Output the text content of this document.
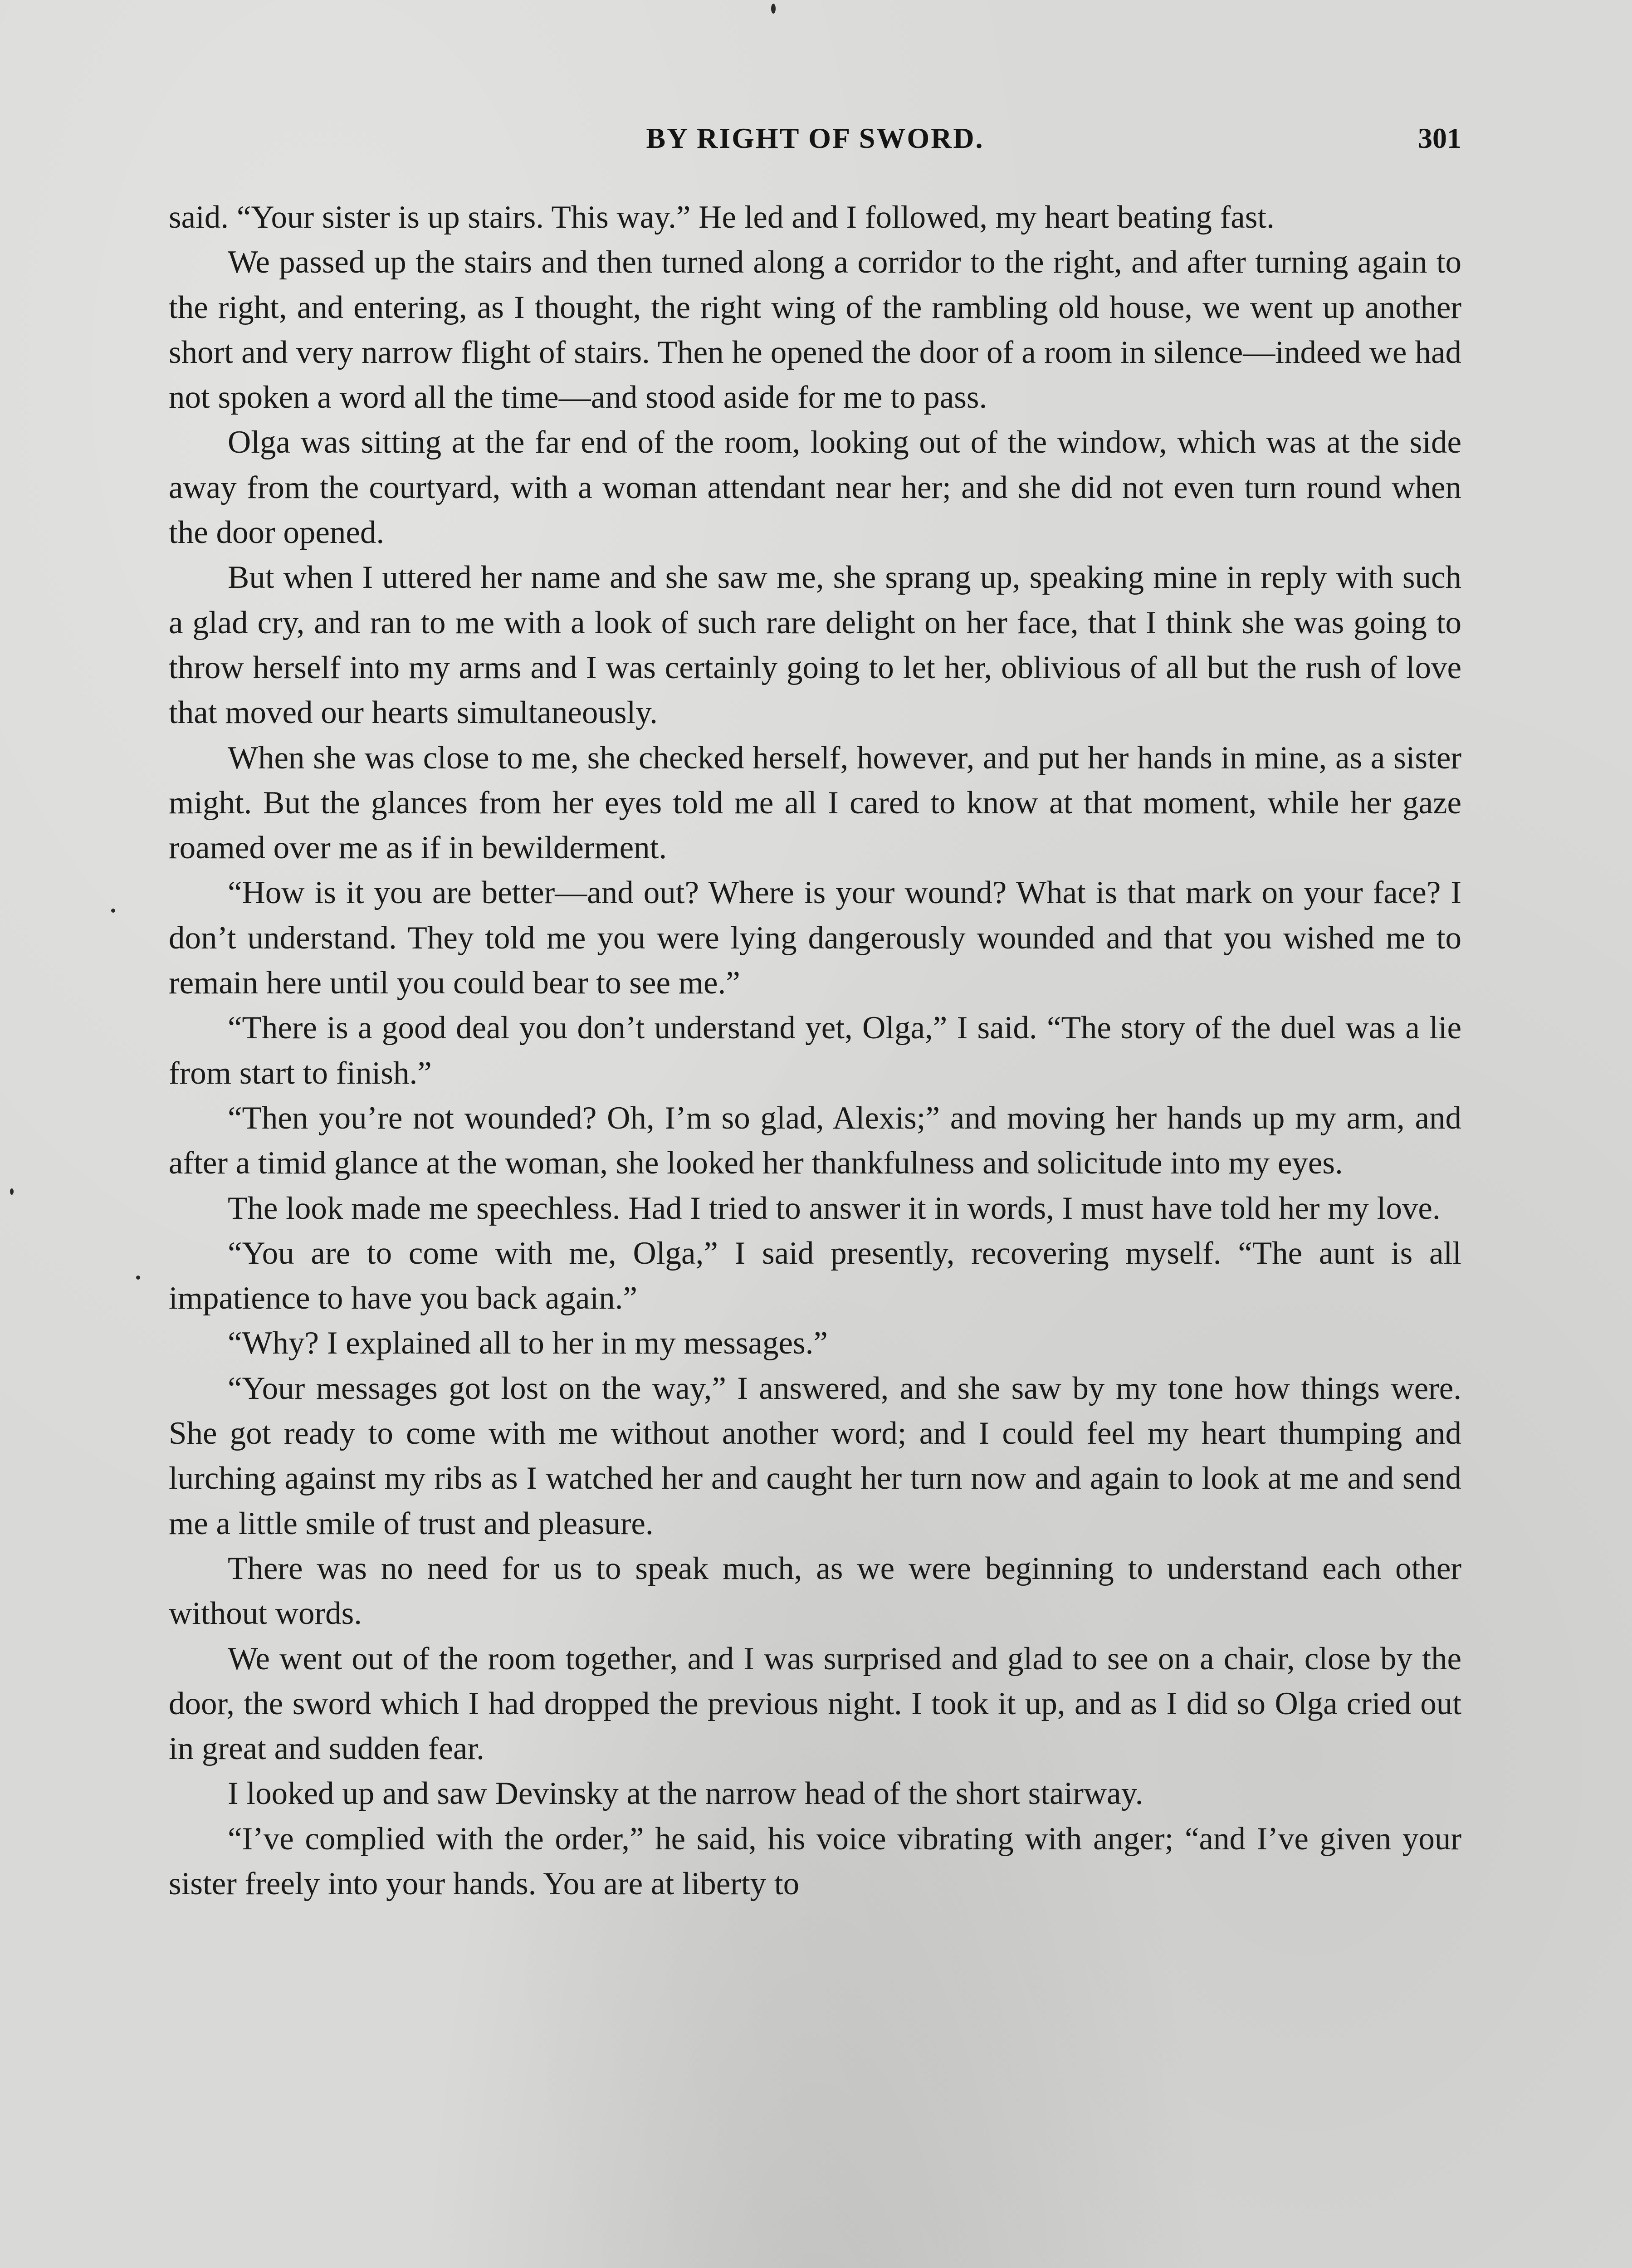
BY RIGHT OF SWORD.	301

said. “Your sister is up stairs. This way.” He led and I followed, my heart beating fast.

We passed up the stairs and then turned along a corridor to the right, and after turning again to the right, and entering, as I thought, the right wing of the rambling old house, we went up another short and very narrow flight of stairs. Then he opened the door of a room in silence—indeed we had not spoken a word all the time—and stood aside for me to pass.

Olga was sitting at the far end of the room, looking out of the window, which was at the side away from the courtyard, with a woman attendant near her; and she did not even turn round when the door opened.

But when I uttered her name and she saw me, she sprang up, speaking mine in reply with such a glad cry, and ran to me with a look of such rare delight on her face, that I think she was going to throw herself into my arms and I was certainly going to let her, oblivious of all but the rush of love that moved our hearts simultaneously.

When she was close to me, she checked herself, however, and put her hands in mine, as a sister might. But the glances from her eyes told me all I cared to know at that moment, while her gaze roamed over me as if in bewilderment.

“How is it you are better—and out? Where is your wound? What is that mark on your face? I don’t understand. They told me you were lying dangerously wounded and that you wished me to remain here until you could bear to see me.”

“There is a good deal you don’t understand yet, Olga,” I said. “The story of the duel was a lie from start to finish.”

“Then you’re not wounded? Oh, I’m so glad, Alexis;” and moving her hands up my arm, and after a timid glance at the woman, she looked her thankfulness and solicitude into my eyes.

The look made me speechless. Had I tried to answer it in words, I must have told her my love.

“You are to come with me, Olga,” I said presently, recovering myself. “The aunt is all impatience to have you back again.”

“Why? I explained all to her in my messages.”

“Your messages got lost on the way,” I answered, and she saw by my tone how things were. She got ready to come with me without another word; and I could feel my heart thumping and lurching against my ribs as I watched her and caught her turn now and again to look at me and send me a little smile of trust and pleasure.

There was no need for us to speak much, as we were beginning to understand each other without words.

We went out of the room together, and I was surprised and glad to see on a chair, close by the door, the sword which I had dropped the previous night. I took it up, and as I did so Olga cried out in great and sudden fear.

I looked up and saw Devinsky at the narrow head of the short stairway.

“I’ve complied with the order,” he said, his voice vibrating with anger; “and I’ve given your sister freely into your hands. You are at liberty to
